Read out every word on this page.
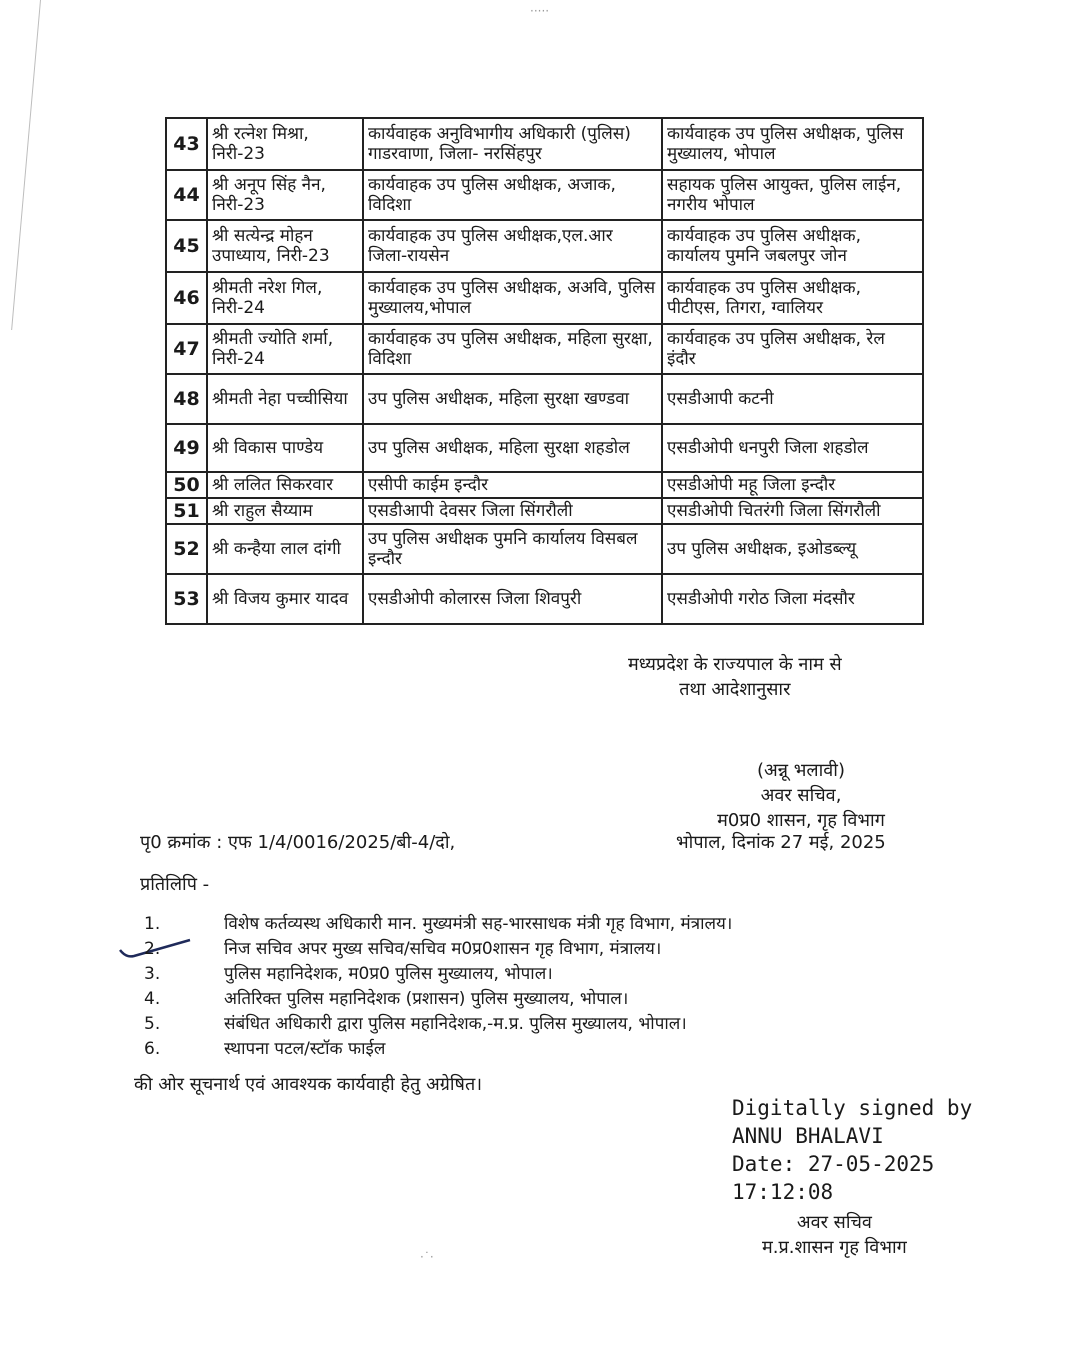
43	श्री रत्नेश मिश्रा, निरी-23	कार्यवाहक अनुविभागीय अधिकारी (पुलिस) गाडरवाणा, जिला- नरसिंहपुर	कार्यवाहक उप पुलिस अधीक्षक, पुलिस मुख्यालय, भोपाल
44	श्री अनूप सिंह नैन, निरी-23	कार्यवाहक उप पुलिस अधीक्षक, अजाक, विदिशा	सहायक पुलिस आयुक्त, पुलिस लाईन, नगरीय भोपाल
45	श्री सत्येन्द्र मोहन उपाध्याय, निरी-23	कार्यवाहक उप पुलिस अधीक्षक,एल.आर जिला-रायसेन	कार्यवाहक उप पुलिस अधीक्षक, कार्यालय पुमनि जबलपुर जोन
46	श्रीमती नरेश गिल, निरी-24	कार्यवाहक उप पुलिस अधीक्षक, अअवि, पुलिस मुख्यालय,भोपाल	कार्यवाहक उप पुलिस अधीक्षक, पीटीएस, तिगरा, ग्वालियर
47	श्रीमती ज्योति शर्मा, निरी-24	कार्यवाहक उप पुलिस अधीक्षक, महिला सुरक्षा, विदिशा	कार्यवाहक उप पुलिस अधीक्षक, रेल इंदौर
48	श्रीमती नेहा पच्चीसिया	उप पुलिस अधीक्षक, महिला सुरक्षा खण्डवा	एसडीआपी कटनी
49	श्री विकास पाण्डेय	उप पुलिस अधीक्षक, महिला सुरक्षा शहडोल	एसडीओपी धनपुरी जिला शहडोल
50	श्री ललित सिकरवार	एसीपी काईम इन्दौर	एसडीओपी महू जिला इन्दौर
51	श्री राहुल सैय्याम	एसडीआपी देवसर जिला सिंगरौली	एसडीओपी चितरंगी जिला सिंगरौली
52	श्री कन्हैया लाल दांगी	उप पुलिस अधीक्षक पुमनि कार्यालय विसबल इन्दौर	उप पुलिस अधीक्षक, इओडब्ल्यू
53	श्री विजय कुमार यादव	एसडीओपी कोलारस जिला शिवपुरी	एसडीओपी गरोठ जिला मंदसौर
मध्यप्रदेश के राज्यपाल के नाम से
तथा आदेशानुसार
(अन्नू भलावी)
अवर सचिव,
म0प्र0 शासन, गृह विभाग
पृ0 क्रमांक : एफ 1/4/0016/2025/बी-4/दो,	भोपाल, दिनांक 27 मई, 2025
प्रतिलिपि -
1.	विशेष कर्तव्यस्थ अधिकारी मान. मुख्यमंत्री सह-भारसाधक मंत्री गृह विभाग, मंत्रालय।
2.	निज सचिव अपर मुख्य सचिव/सचिव म0प्र0शासन गृह विभाग, मंत्रालय।
3.	पुलिस महानिदेशक, म0प्र0 पुलिस मुख्यालय, भोपाल।
4.	अतिरिक्त पुलिस महानिदेशक (प्रशासन) पुलिस मुख्यालय, भोपाल।
5.	संबंधित अधिकारी द्वारा पुलिस महानिदेशक,-म.प्र. पुलिस मुख्यालय, भोपाल।
6.	स्थापना पटल/स्टॉक फाईल
की ओर सूचनार्थ एवं आवश्यक कार्यवाही हेतु अग्रेषित।
Digitally signed by
ANNU BHALAVI
Date: 27-05-2025
17:12:08
अवर सचिव
म.प्र.शासन गृह विभाग
·····
·˙·
